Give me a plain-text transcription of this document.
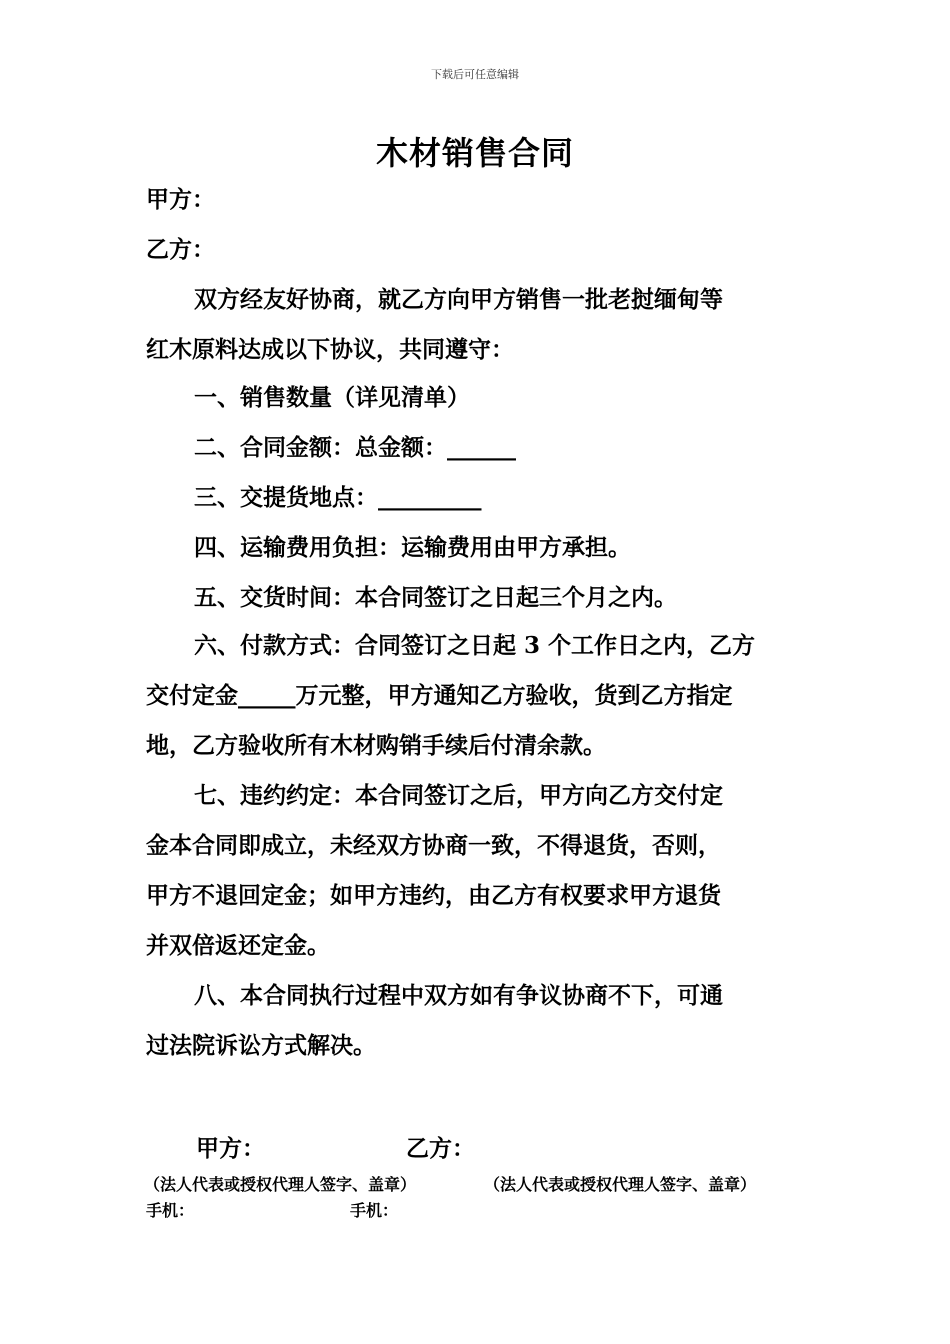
下载后可任意编辑
木材销售合同
甲方：
乙方：
双方经友好协商，就乙方向甲方销售一批老挝缅甸等
红木原料达成以下协议，共同遵守：
一、销售数量（详见清单）
二、合同金额：总金额：______
三、交提货地点：_________
四、运输费用负担：运输费用由甲方承担。
五、交货时间：本合同签订之日起三个月之内。
六、付款方式：合同签订之日起 3 个工作日之内，乙方
交付定金_____万元整，甲方通知乙方验收，货到乙方指定
地，乙方验收所有木材购销手续后付清余款。
七、违约约定：本合同签订之后，甲方向乙方交付定
金本合同即成立，未经双方协商一致，不得退货，否则，
甲方不退回定金；如甲方违约，由乙方有权要求甲方退货
并双倍返还定金。
八、本合同执行过程中双方如有争议协商不下，可通
过法院诉讼方式解决。
甲方：	乙方：
（法人代表或授权代理人签字、盖章）	（法人代表或授权代理人签字、盖章）
手机：	手机：
